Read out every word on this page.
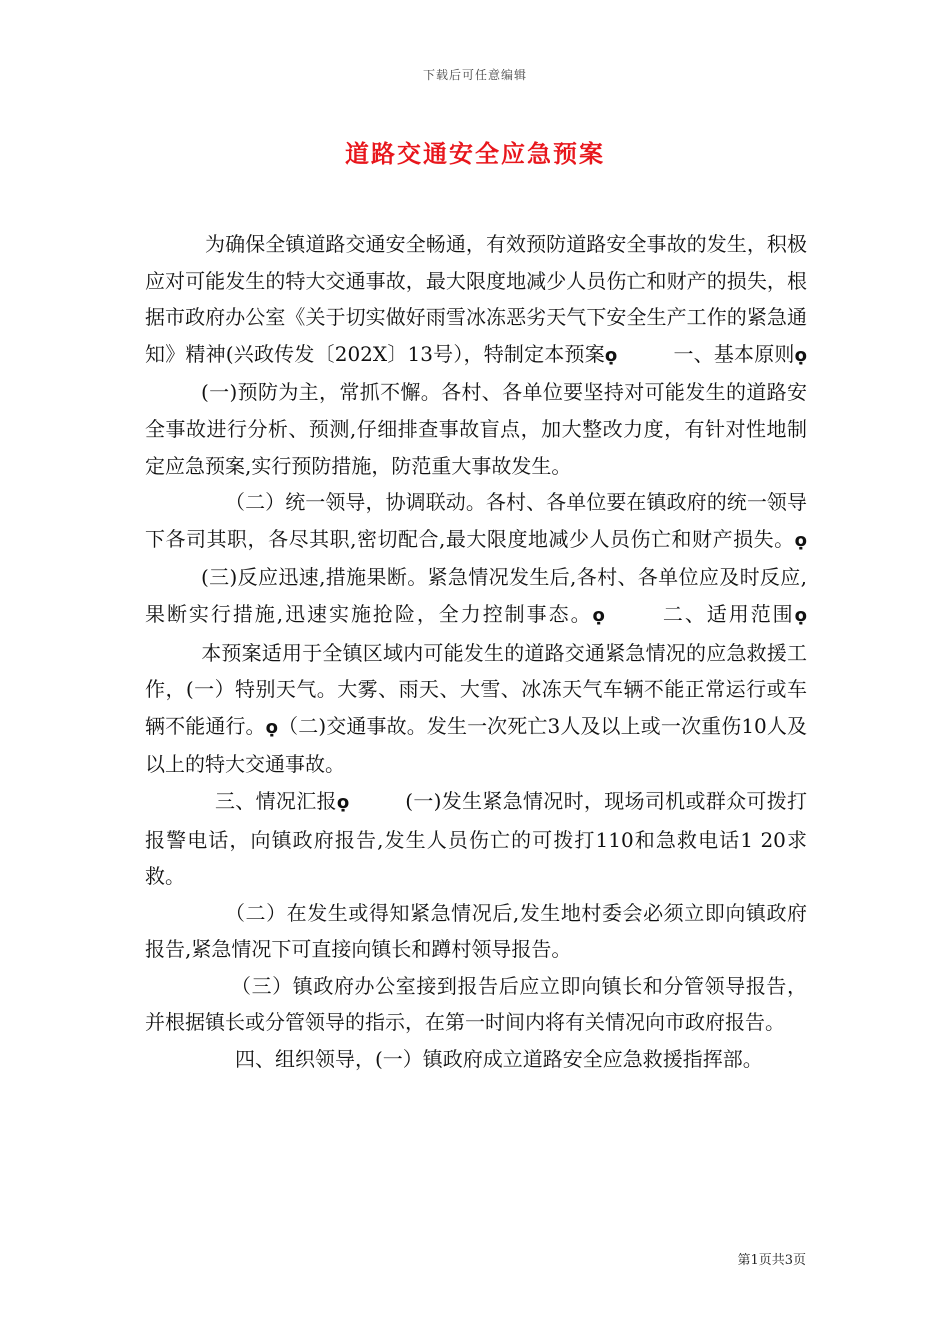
下载后可任意编辑
道路交通安全应急预案

为确保全镇道路交通安全畅通，有效预防道路安全事故的发生，积极应对可能发生的特大交通事故，最大限度地减少人员伤亡和财产的损失，根据市政府办公室《关于切实做好雨雪冰冻恶劣天气下安全生产工作的紧急通知》精神(兴政传发〔202X〕13号），特制定本预案ọ	一、基本原则ọ(一)预防为主，常抓不懈。各村、各单位要坚持对可能发生的道路安全事故进行分析、预测,仔细排查事故盲点，加大整改力度，有针对性地制定应急预案,实行预防措施，防范重大事故发生。

（二）统一领导，协调联动。各村、各单位要在镇政府的统一领导下各司其职，各尽其职,密切配合,最大限度地减少人员伤亡和财产损失。ọ(三)反应迅速,措施果断。紧急情况发生后,各村、各单位应及时反应,果断实行措施,迅速实施抢险，全力控制事态。ọ	二、适用范围ọ本预案适用于全镇区域内可能发生的道路交通紧急情况的应急救援工作，(一）特别天气。大雾、雨天、大雪、冰冻天气车辆不能正常运行或车辆不能通行。ọ（二)交通事故。发生一次死亡3人及以上或一次重伤10人及以上的特大交通事故。

三、情况汇报ọ	(一)发生紧急情况时，现场司机或群众可拨打报警电话，向镇政府报告,发生人员伤亡的可拨打110和急救电话1 20求救。

（二）在发生或得知紧急情况后,发生地村委会必须立即向镇政府报告,紧急情况下可直接向镇长和蹲村领导报告。

（三）镇政府办公室接到报告后应立即向镇长和分管领导报告，并根据镇长或分管领导的指示，在第一时间内将有关情况向市政府报告。

四、组织领导，(一）镇政府成立道路安全应急救援指挥部。

第1页共3页
